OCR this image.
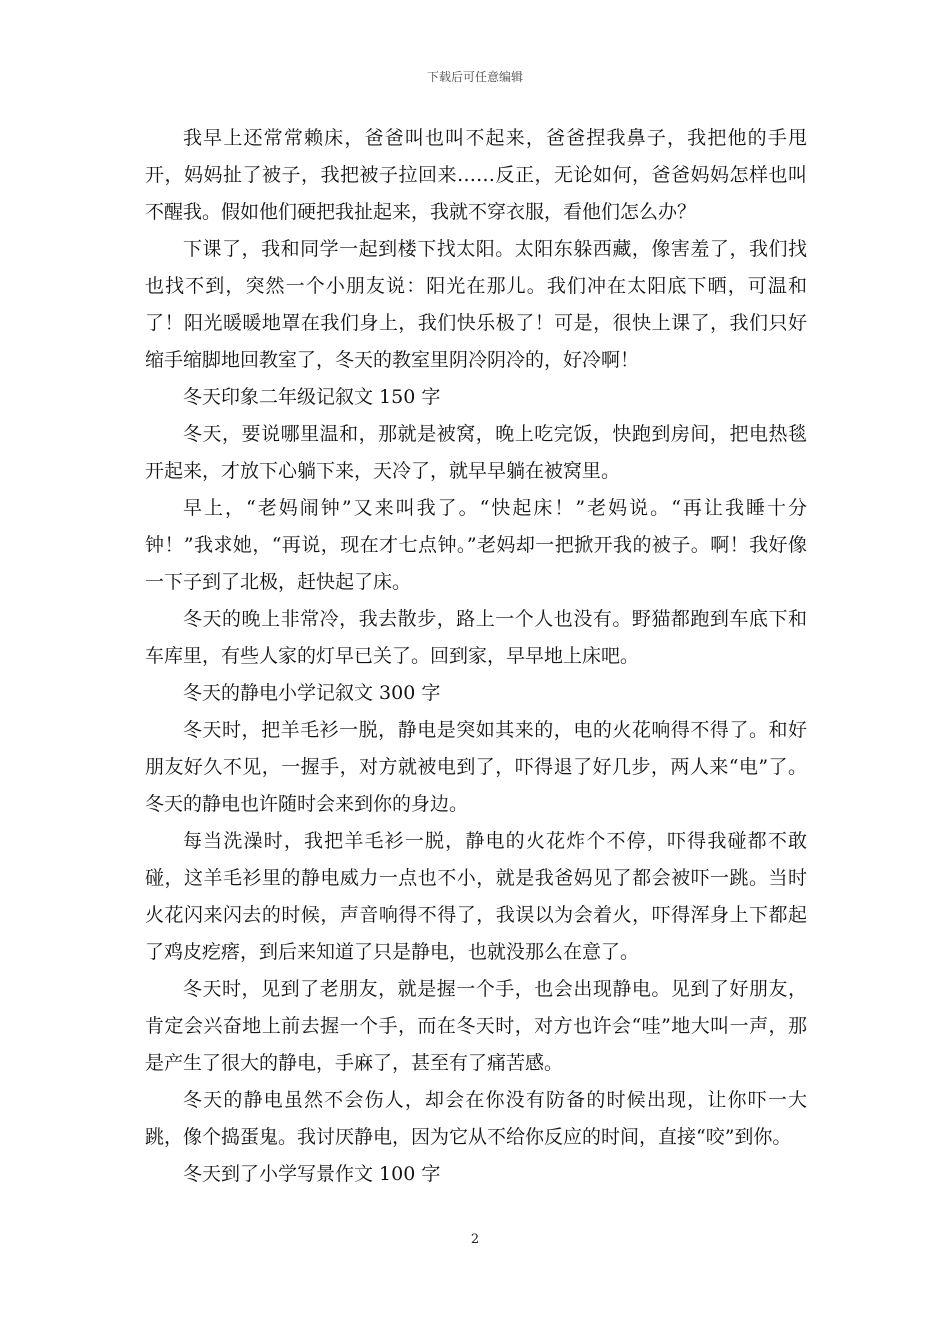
下载后可任意编辑

我早上还常常赖床，爸爸叫也叫不起来，爸爸捏我鼻子，我把他的手甩开，妈妈扯了被子，我把被子拉回来……反正，无论如何，爸爸妈妈怎样也叫不醒我。假如他们硬把我扯起来，我就不穿衣服，看他们怎么办？

下课了，我和同学一起到楼下找太阳。太阳东躲西藏，像害羞了，我们找也找不到，突然一个小朋友说：阳光在那儿。我们冲在太阳底下晒，可温和了！阳光暖暖地罩在我们身上，我们快乐极了！可是，很快上课了，我们只好缩手缩脚地回教室了，冬天的教室里阴冷阴冷的，好冷啊！

冬天印象二年级记叙文 150 字

冬天，要说哪里温和，那就是被窝，晚上吃完饭，快跑到房间，把电热毯开起来，才放下心躺下来，天冷了，就早早躺在被窝里。

早上，“老妈闹钟”又来叫我了。“快起床！”老妈说。“再让我睡十分钟！”我求她，“再说，现在才七点钟。”老妈却一把掀开我的被子。啊！我好像一下子到了北极，赶快起了床。

冬天的晚上非常冷，我去散步，路上一个人也没有。野猫都跑到车底下和车库里，有些人家的灯早已关了。回到家，早早地上床吧。

冬天的静电小学记叙文 300 字

冬天时，把羊毛衫一脱，静电是突如其来的，电的火花响得不得了。和好朋友好久不见，一握手，对方就被电到了，吓得退了好几步，两人来“电”了。冬天的静电也许随时会来到你的身边。

每当洗澡时，我把羊毛衫一脱，静电的火花炸个不停，吓得我碰都不敢碰，这羊毛衫里的静电威力一点也不小，就是我爸妈见了都会被吓一跳。当时火花闪来闪去的时候，声音响得不得了，我误以为会着火，吓得浑身上下都起了鸡皮疙瘩，到后来知道了只是静电，也就没那么在意了。

冬天时，见到了老朋友，就是握一个手，也会出现静电。见到了好朋友，肯定会兴奋地上前去握一个手，而在冬天时，对方也许会“哇”地大叫一声，那是产生了很大的静电，手麻了，甚至有了痛苦感。

冬天的静电虽然不会伤人，却会在你没有防备的时候出现，让你吓一大跳，像个捣蛋鬼。我讨厌静电，因为它从不给你反应的时间，直接“咬”到你。

冬天到了小学写景作文 100 字

2
